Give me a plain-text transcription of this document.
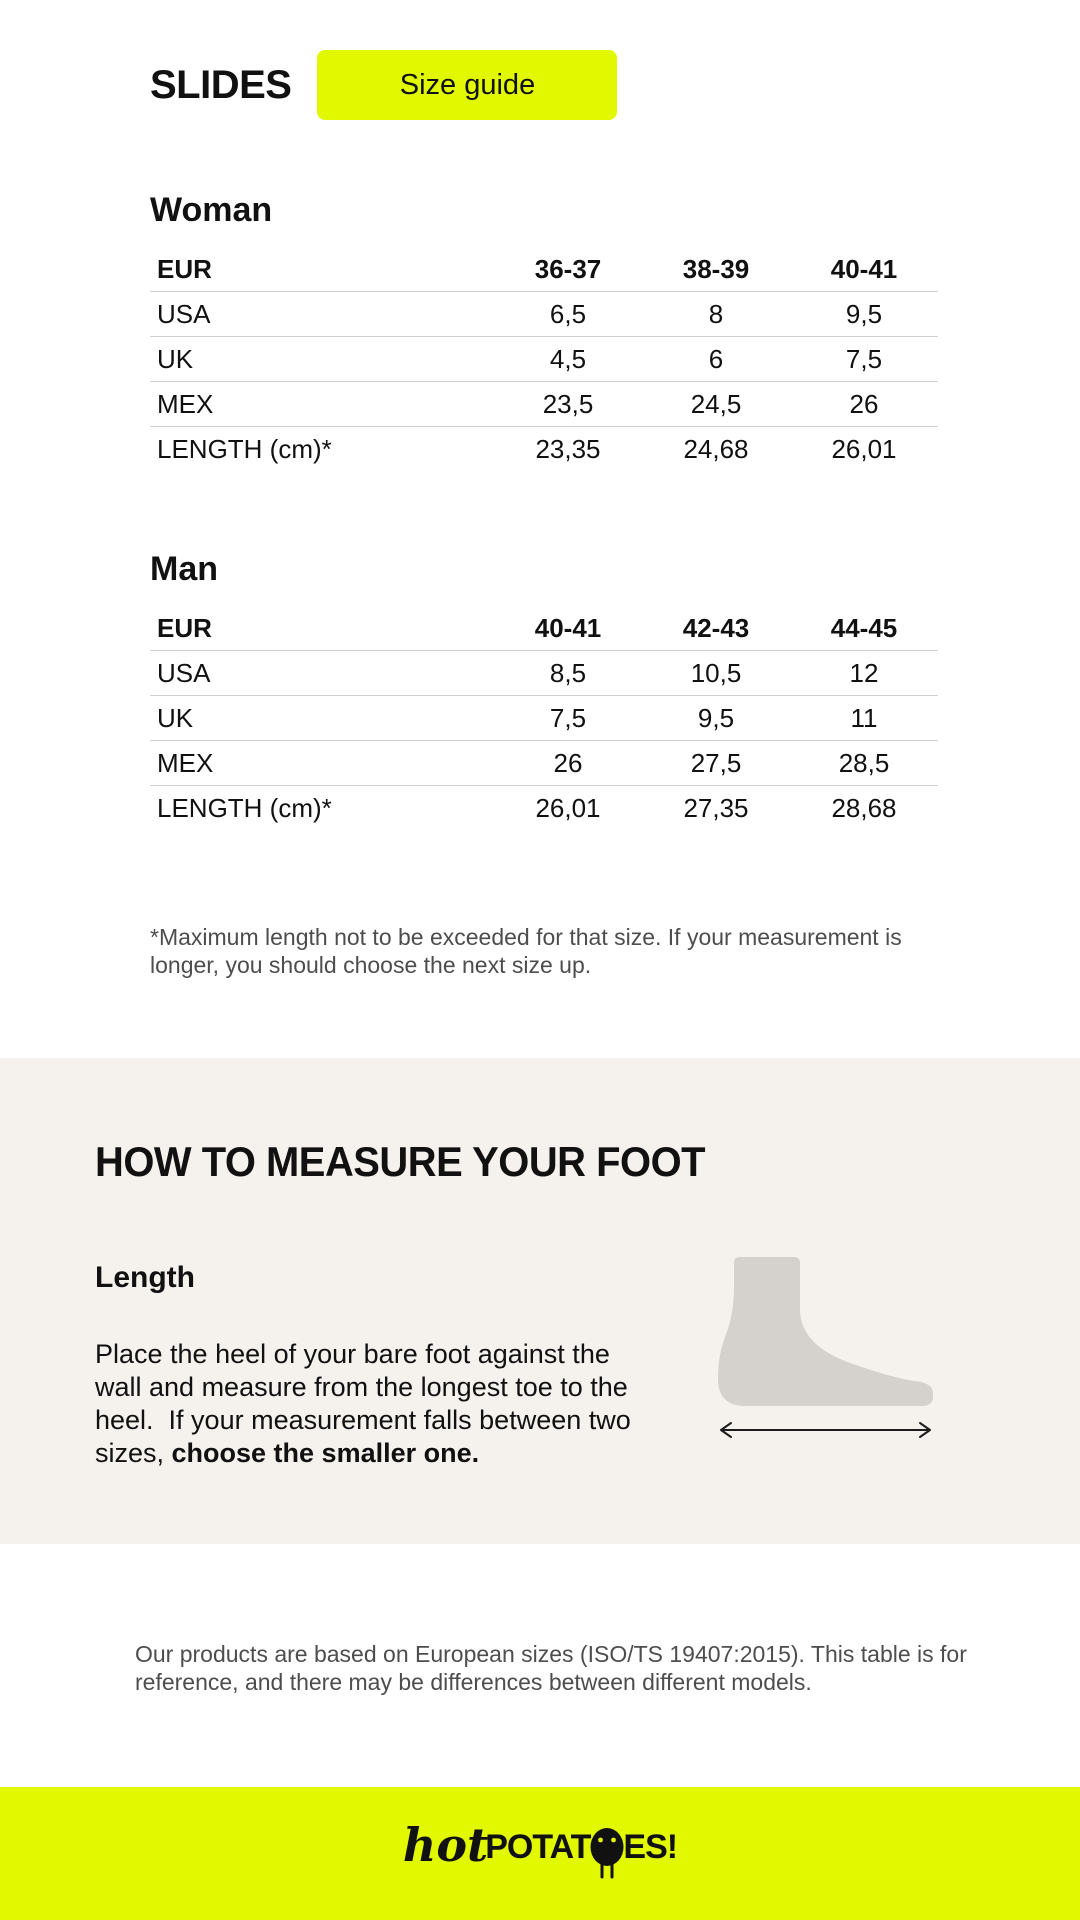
SLIDES	Size guide
Woman
EUR	36-37	38-39	40-41
USA	6,5	8	9,5
UK	4,5	6	7,5
MEX	23,5	24,5	26
LENGTH (cm)*	23,35	24,68	26,01
Man
EUR	40-41	42-43	44-45
USA	8,5	10,5	12
UK	7,5	9,5	11
MEX	26	27,5	28,5
LENGTH (cm)*	26,01	27,35	28,68

*Maximum length not to be exceeded for that size. If your measurement is longer, you should choose the next size up.

HOW TO MEASURE YOUR FOOT
Length

Place the heel of your bare foot against the wall and measure from the longest toe to the heel.  If your measurement falls between two sizes, choose the smaller one.

Our products are based on European sizes (ISO/TS 19407:2015). This table is for reference, and there may be differences between different models.

hot
POTAT ES!
